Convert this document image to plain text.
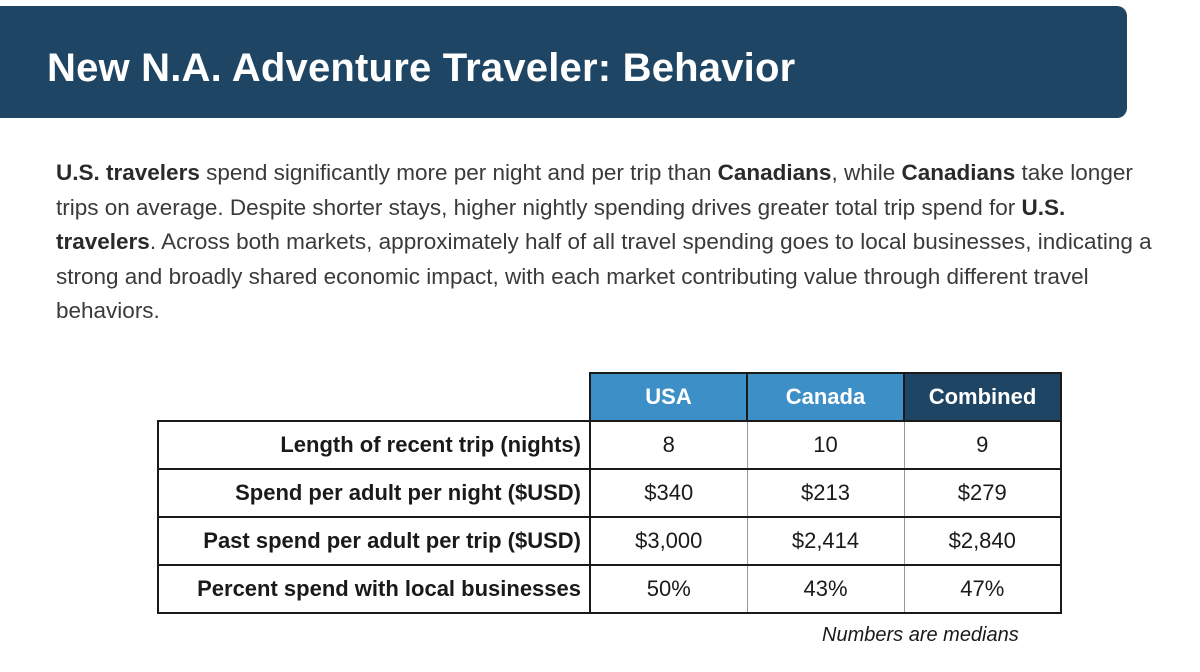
New N.A. Adventure Traveler: Behavior

U.S. travelers spend significantly more per night and per trip than Canadians, while Canadians take longer trips on average. Despite shorter stays, higher nightly spending drives greater total trip spend for U.S. travelers. Across both markets, approximately half of all travel spending goes to local businesses, indicating a strong and broadly shared economic impact, with each market contributing value through different travel behaviors.

	USA	Canada	Combined
Length of recent trip (nights)	8	10	9
Spend per adult per night ($USD)	$340	$213	$279
Past spend per adult per trip ($USD)	$3,000	$2,414	$2,840
Percent spend with local businesses	50%	43%	47%

Numbers are medians
